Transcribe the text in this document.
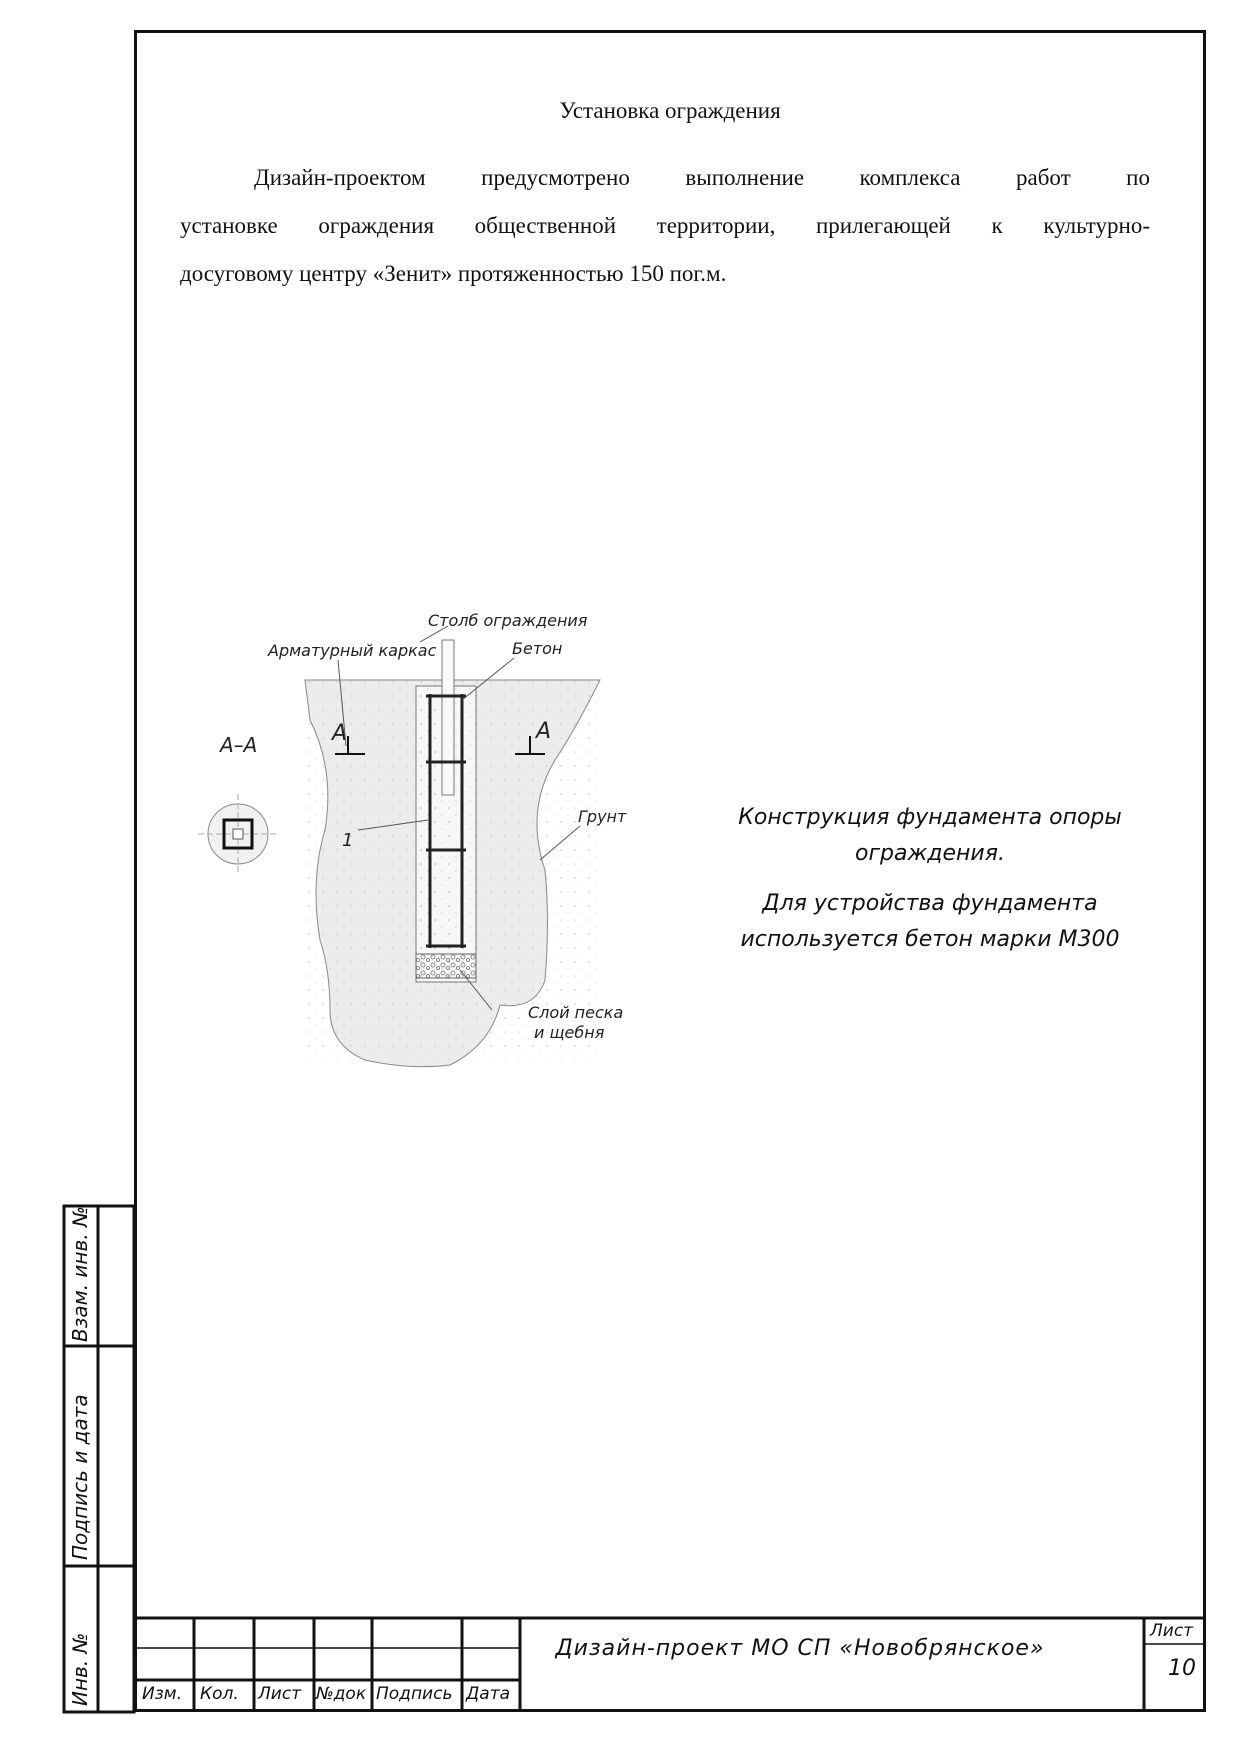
Установка ограждения
Дизайн-проектом предусмотрено выполнение комплекса работ по
установке ограждения общественной территории, прилегающей к культурно-
досуговому центру «Зенит» протяженностью 150 пог.м.
А	А
Столб ограждения
Арматурный каркас	Бетон
Грунт
1
Слой песка
и щебня
А–А

Конструкция фундамента опоры ограждения.

Для устройства фундамента используется бетон марки М300

Дизайн-проект МО СП «Новобрянское»
Лист
10
Изм. Кол. Лист №док Подпись Дата
Взам. инв. №
Подпись и дата
Инв. №
